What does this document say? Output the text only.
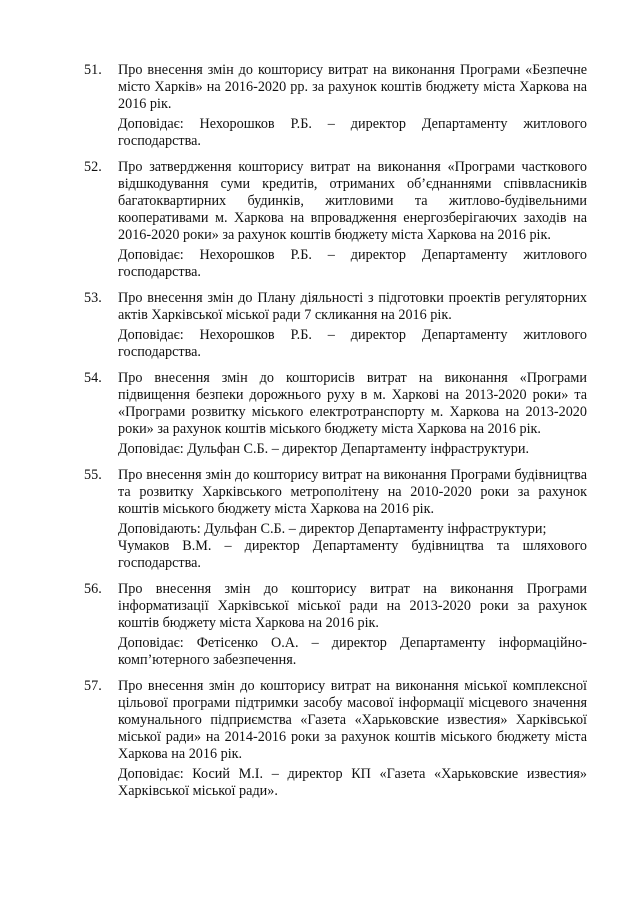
51.	Про внесення змін до кошторису витрат на виконання Програми «Безпечне місто Харків» на 2016-2020 рр. за рахунок коштів бюджету міста Харкова на 2016 рік.

Доповідає: Нехорошков Р.Б. – директор Департаменту житлового господарства.

52.	Про затвердження кошторису витрат на виконання «Програми часткового відшкодування суми кредитів, отриманих об’єднаннями співвласників багатоквартирних будинків, житловими та житлово-будівельними кооперативами м. Харкова на впровадження енергозберігаючих заходів на 2016-2020 роки» за рахунок коштів бюджету міста Харкова на 2016 рік.

Доповідає: Нехорошков Р.Б. – директор Департаменту житлового господарства.

53.	Про внесення змін до Плану діяльності з підготовки проектів регуляторних актів Харківської міської ради 7 скликання на 2016 рік.

Доповідає: Нехорошков Р.Б. – директор Департаменту житлового господарства.

54.	Про внесення змін до кошторисів витрат на виконання «Програми підвищення безпеки дорожнього руху в м. Харкові на 2013-2020 роки» та «Програми розвитку міського електротранспорту м. Харкова на 2013-2020 роки» за рахунок коштів міського бюджету міста Харкова на 2016 рік.

Доповідає: Дульфан С.Б. – директор Департаменту інфраструктури.

55.	Про внесення змін до кошторису витрат на виконання Програми будівництва та розвитку Харківського метрополітену на 2010-2020 роки за рахунок коштів міського бюджету міста Харкова на 2016 рік.

Доповідають: Дульфан С.Б. – директор Департаменту інфраструктури;

Чумаков В.М. – директор Департаменту будівництва та шляхового господарства.

56.	Про внесення змін до кошторису витрат на виконання Програми інформатизації Харківської міської ради на 2013-2020 роки за рахунок коштів бюджету міста Харкова на 2016 рік.

Доповідає: Фетісенко О.А. – директор Департаменту інформаційно-комп’ютерного забезпечення.

57.	Про внесення змін до кошторису витрат на виконання міської комплексної цільової програми підтримки засобу масової інформації місцевого значення комунального підприємства «Газета «Харьковские известия» Харківської міської ради» на 2014-2016 роки за рахунок коштів міського бюджету міста Харкова на 2016 рік.

Доповідає: Косий М.І. – директор КП «Газета «Харьковские известия» Харківської міської ради».
